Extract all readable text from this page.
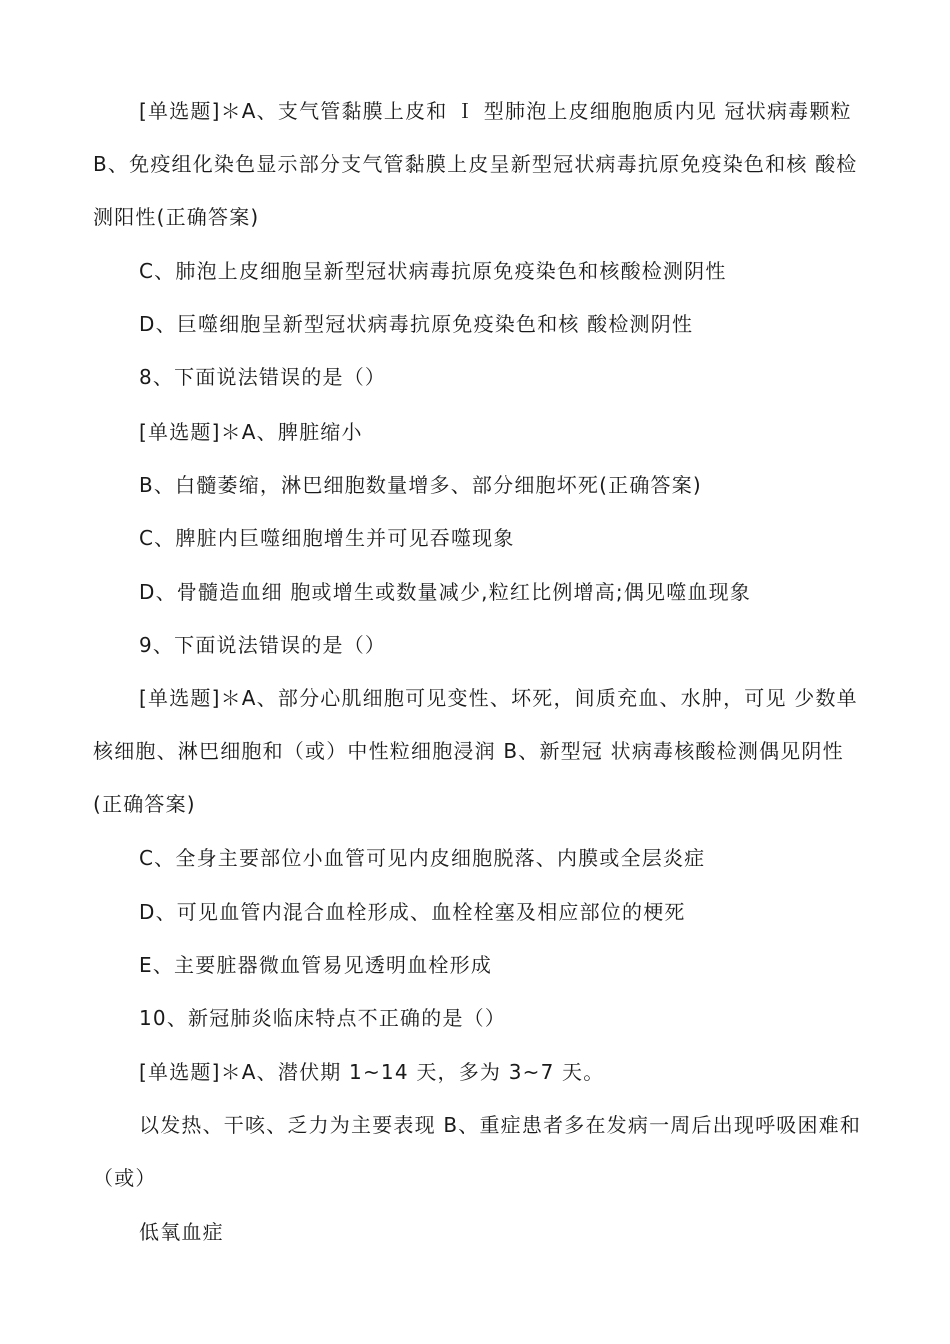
[单选题]＊A、支气管黏膜上皮和 Ｉ 型肺泡上皮细胞胞质内见 冠状病毒颗粒 B、免疫组化染色显示部分支气管黏膜上皮呈新型冠状病毒抗原免疫染色和核 酸检测阳性(正确答案)

C、肺泡上皮细胞呈新型冠状病毒抗原免疫染色和核酸检测阴性

D、巨噬细胞呈新型冠状病毒抗原免疫染色和核 酸检测阴性

8、下面说法错误的是（）

[单选题]＊A、脾脏缩小

B、白髓萎缩，淋巴细胞数量增多、部分细胞坏死(正确答案)

C、脾脏内巨噬细胞增生并可见吞噬现象

D、骨髓造血细 胞或增生或数量减少,粒红比例增高;偶见噬血现象

9、下面说法错误的是（）

[单选题]＊A、部分心肌细胞可见变性、坏死，间质充血、水肿，可见 少数单核细胞、淋巴细胞和（或）中性粒细胞浸润 B、新型冠 状病毒核酸检测偶见阴性(正确答案)

C、全身主要部位小血管可见内皮细胞脱落、内膜或全层炎症

D、可见血管内混合血栓形成、血栓栓塞及相应部位的梗死

E、主要脏器微血管易见透明血栓形成

10、新冠肺炎临床特点不正确的是（）

[单选题]＊A、潜伏期 1~14 天，多为 3~7 天。

以发热、干咳、乏力为主要表现 B、重症患者多在发病一周后出现呼吸困难和（或）

低氧血症
